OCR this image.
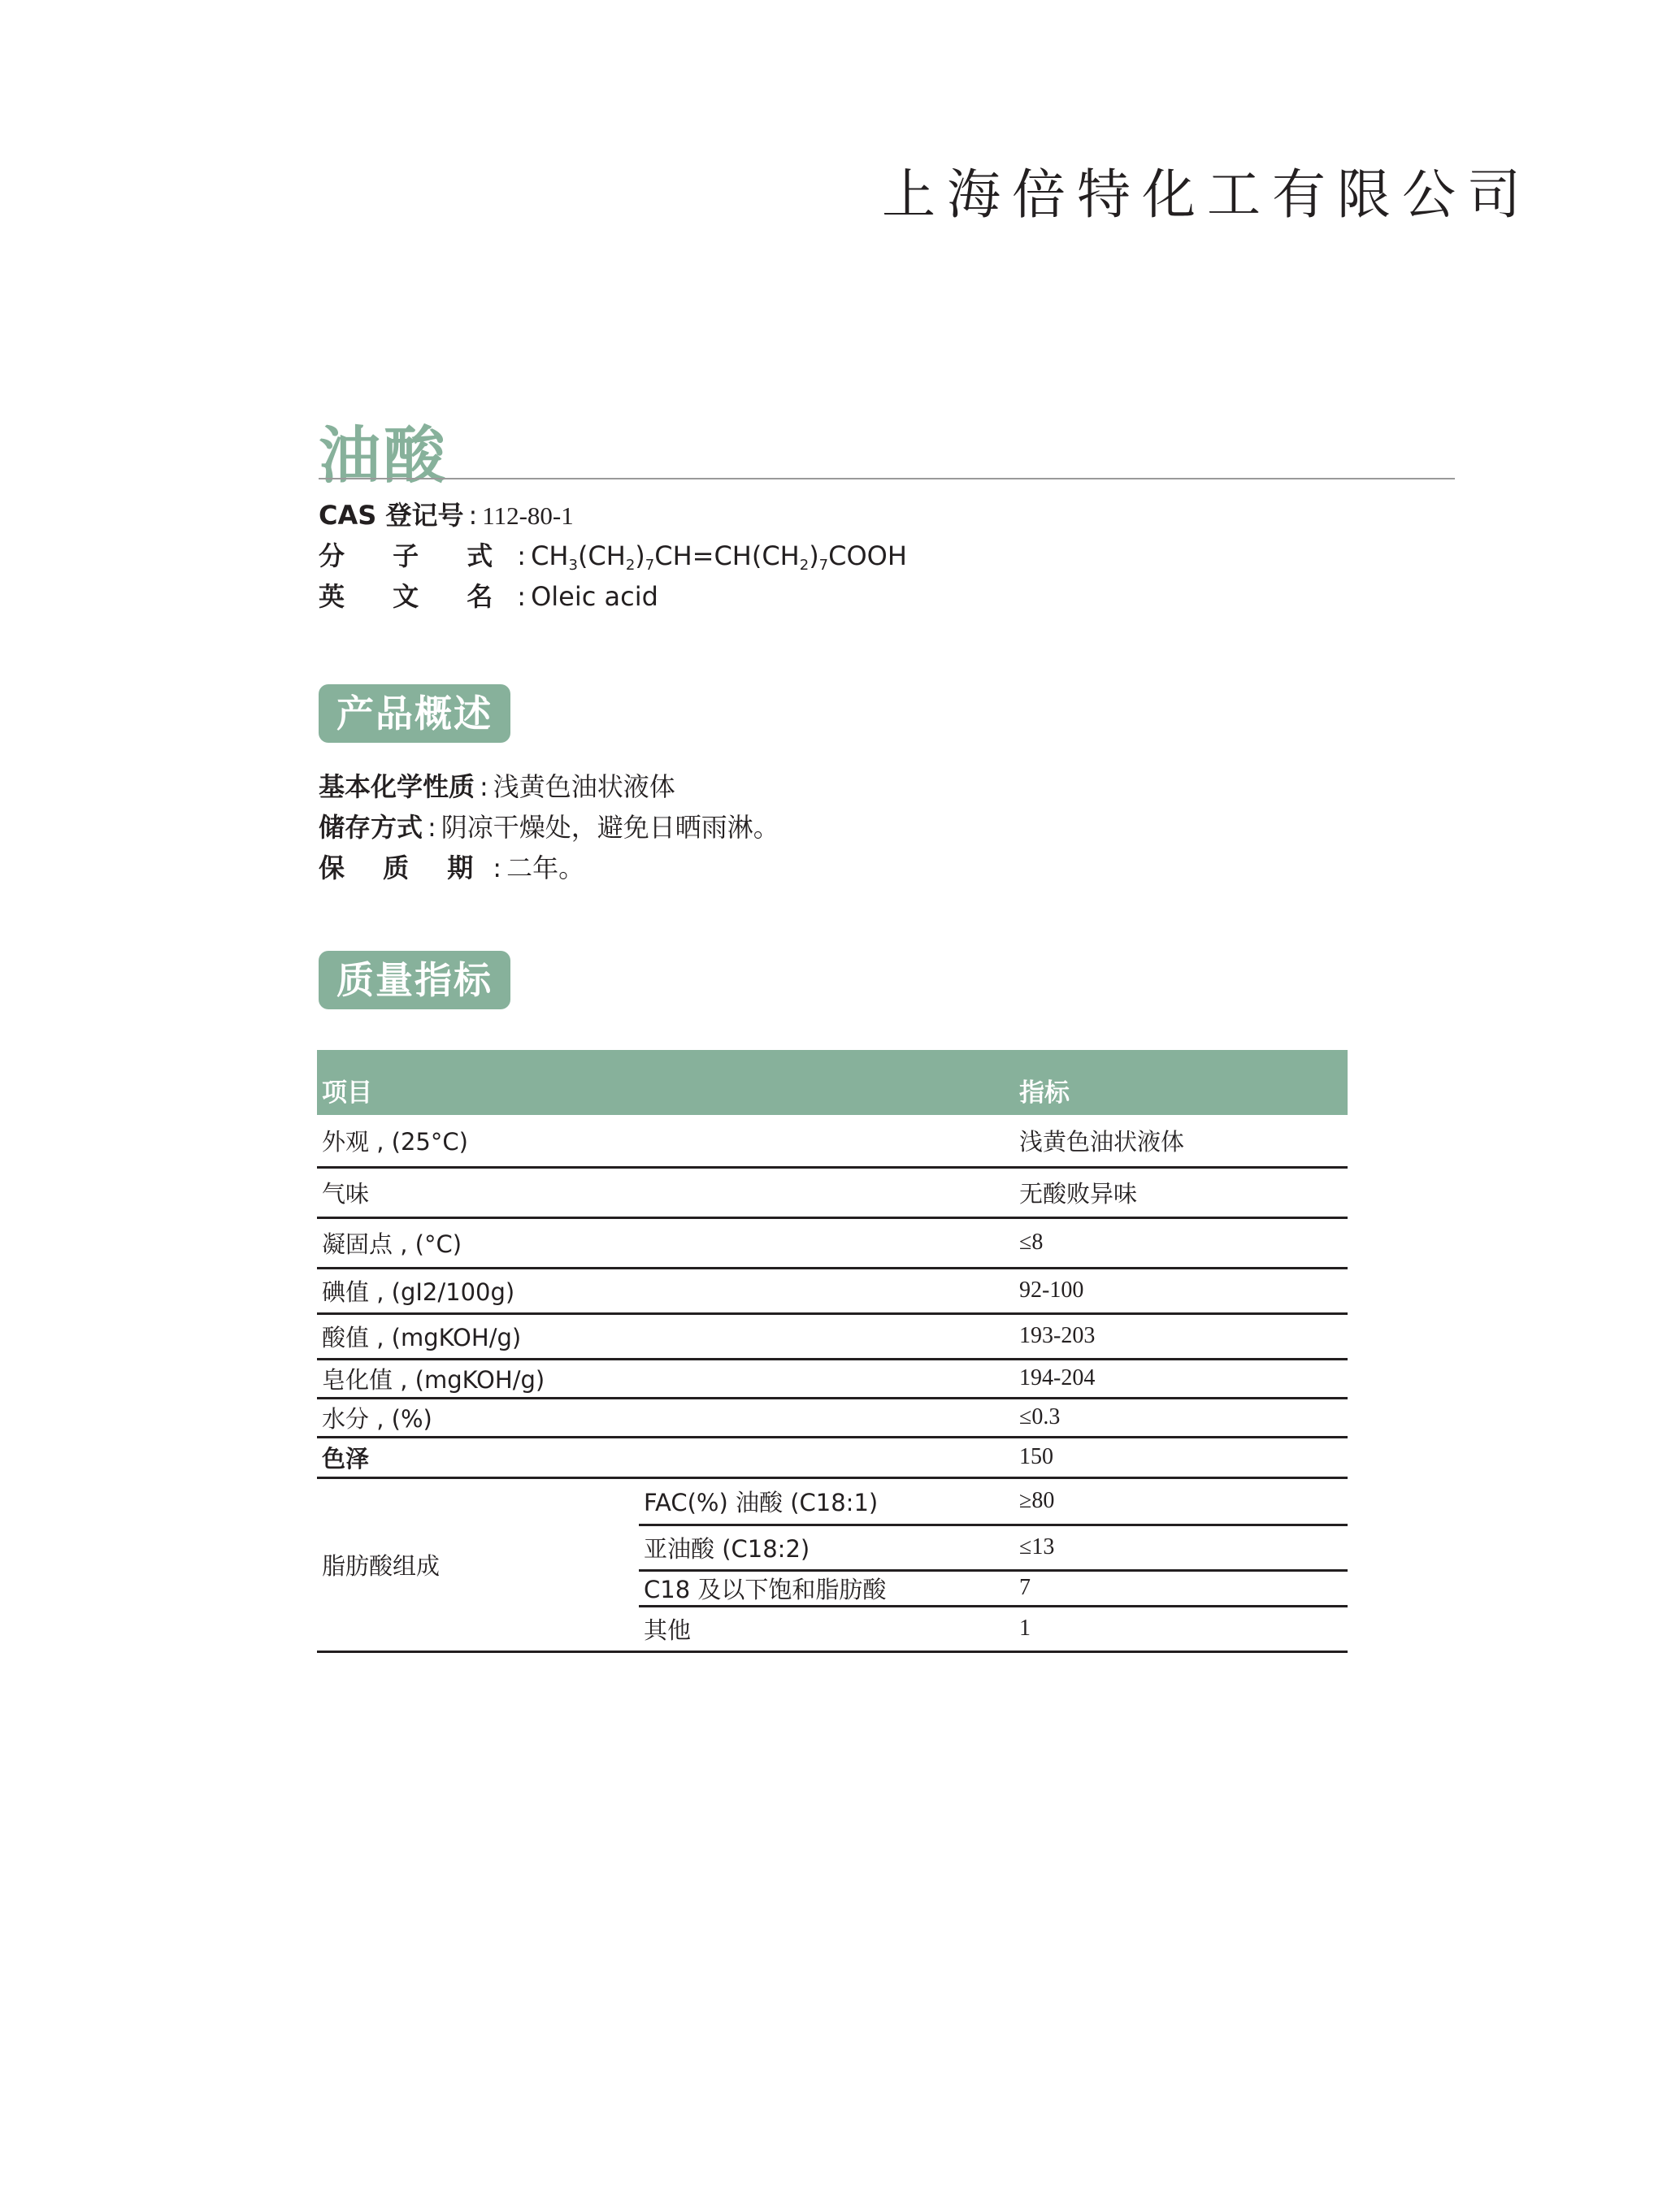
上海倍特化工有限公司
油酸
CAS 登记号 : 112-80-1
分 子 式 : $CH_3(CH_2)_7CH=CH(CH_2)_7COOH$
英 文 名 : Oleic acid
产品概述
基本化学性质 : 浅黄色油状液体
储存方式 : 阴凉干燥处，避免日晒雨淋。
保 质 期 : 二年。
质量指标
项目		指标
外观 , (25°C)		浅黄色油状液体
气味		无酸败异味
凝固点 , (°C)		≤8
碘值 , (gI2/100g)		92-100
酸值 , (mgKOH/g)		193-203
皂化值 , (mgKOH/g)		194-204
水分 , (%)		≤0.3
色泽		150
脂肪酸组成	FAC(%) 油酸 (C18:1)	≥80
	亚油酸 (C18:2)	≤13
	C18 及以下饱和脂肪酸	7
	其他	1
